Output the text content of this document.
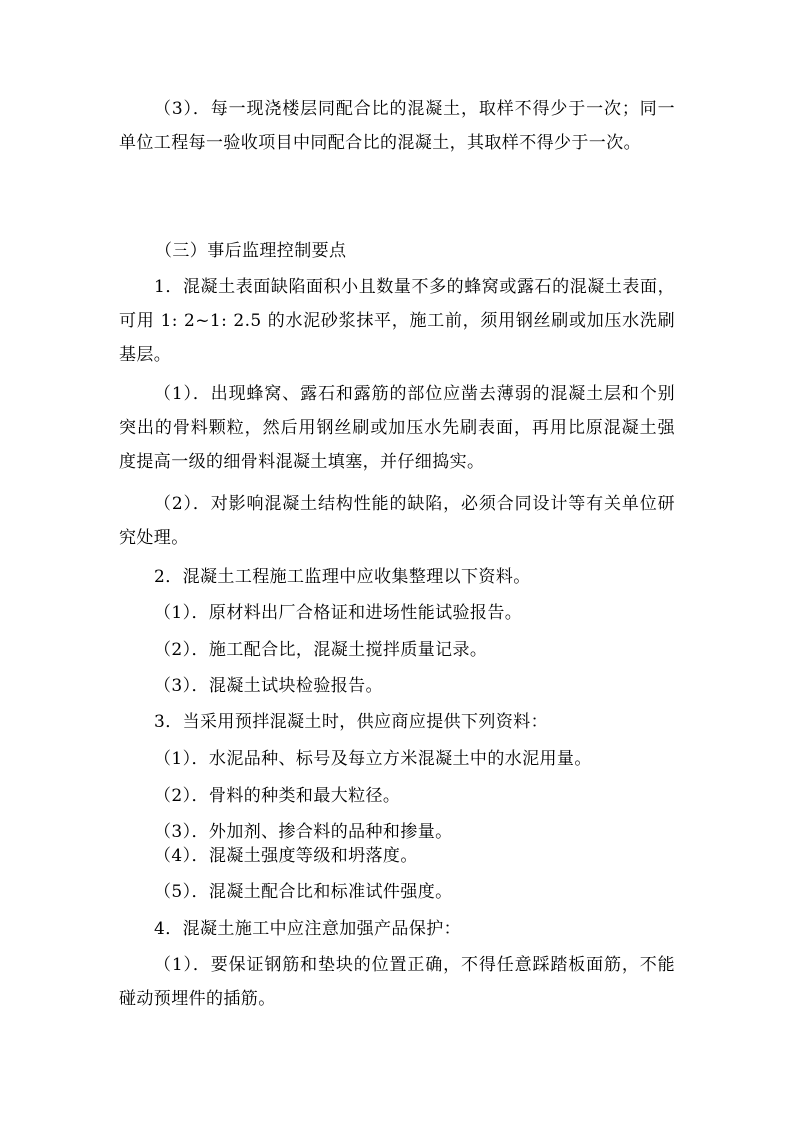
（3）．每一现浇楼层同配合比的混凝土，取样不得少于一次；同一单位工程每一验收项目中同配合比的混凝土，其取样不得少于一次。

（三）事后监理控制要点

1．混凝土表面缺陷面积小且数量不多的蜂窝或露石的混凝土表面，可用 1: 2~1: 2.5 的水泥砂浆抹平，施工前，须用钢丝刷或加压水洗刷基层。

（1）．出现蜂窝、露石和露筋的部位应凿去薄弱的混凝土层和个别突出的骨料颗粒，然后用钢丝刷或加压水先刷表面，再用比原混凝土强度提高一级的细骨料混凝土填塞，并仔细捣实。

（2）．对影响混凝土结构性能的缺陷，必须合同设计等有关单位研究处理。

2．混凝土工程施工监理中应收集整理以下资料。

（1）．原材料出厂合格证和进场性能试验报告。

（2）．施工配合比，混凝土搅拌质量记录。

（3）．混凝土试块检验报告。

3．当采用预拌混凝土时，供应商应提供下列资料：

（1）．水泥品种、标号及每立方米混凝土中的水泥用量。

（2）．骨料的种类和最大粒径。

（3）．外加剂、掺合料的品种和掺量。

（4）．混凝土强度等级和坍落度。

（5）．混凝土配合比和标准试件强度。

4．混凝土施工中应注意加强产品保护：

（1）．要保证钢筋和垫块的位置正确，不得任意踩踏板面筋，不能碰动预埋件的插筋。
